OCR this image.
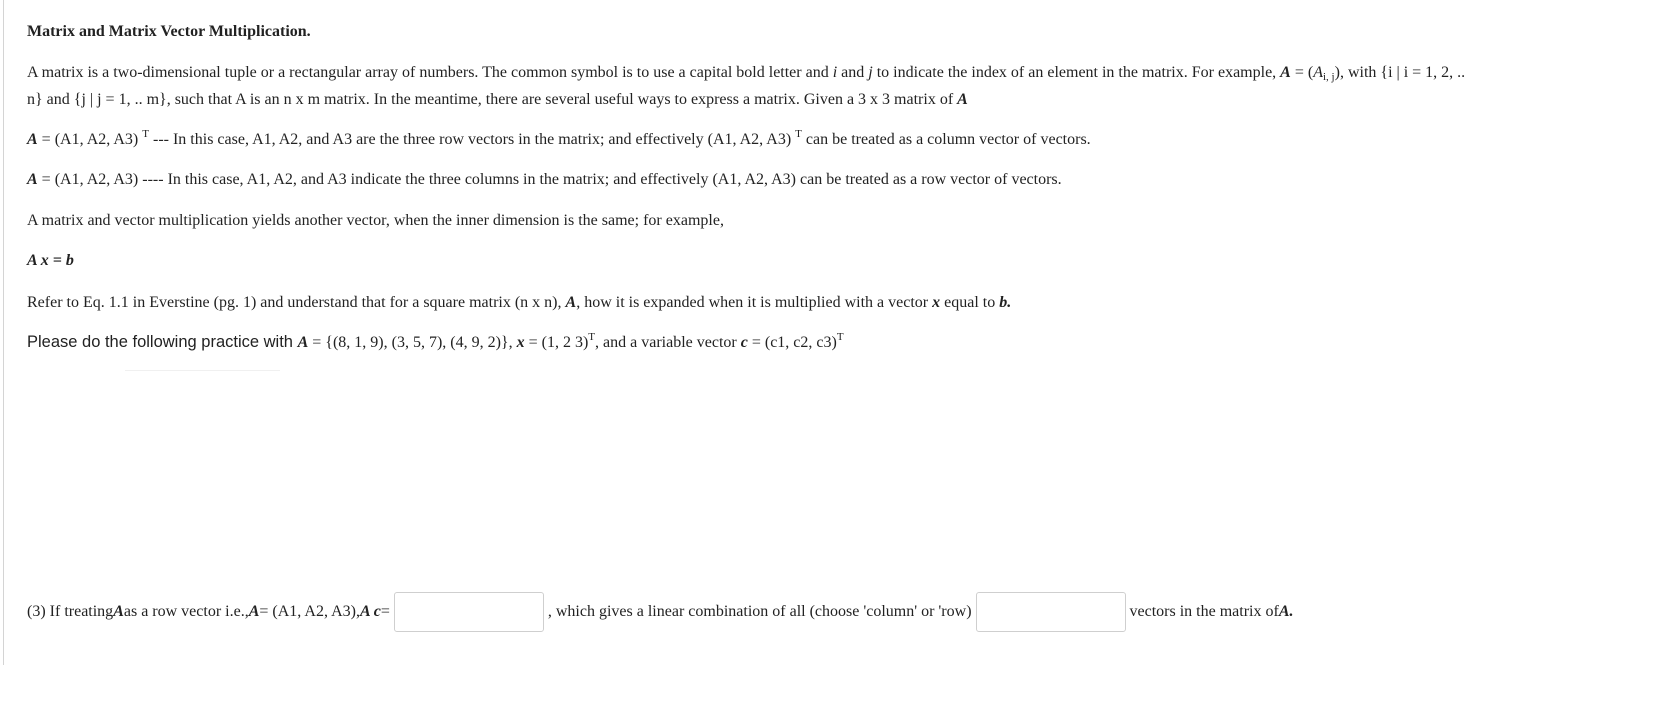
Matrix and Matrix Vector Multiplication.
A matrix is a two-dimensional tuple or a rectangular array of numbers. The common symbol is to use a capital bold letter and i and j to indicate the index of an element in the matrix. For example, $A = (A_{i, j})$, with {i | i = 1, 2, ..
n} and {j | j = 1, .. m}, such that A is an n x m matrix. In the meantime, there are several useful ways to express a matrix. Given a 3 x 3 matrix of A
A = (A1, A2, A3) $^T$ --- In this case, A1, A2, and A3 are the three row vectors in the matrix; and effectively (A1, A2, A3) $^T$ can be treated as a column vector of vectors.
A = (A1, A2, A3) ---- In this case, A1, A2, and A3 indicate the three columns in the matrix; and effectively (A1, A2, A3) can be treated as a row vector of vectors.
A matrix and vector multiplication yields another vector, when the inner dimension is the same; for example,
A x = b
Refer to Eq. 1.1 in Everstine (pg. 1) and understand that for a square matrix (n x n), A, how it is expanded when it is multiplied with a vector x equal to b.
Please do the following practice with A = {(8, 1, 9), (3, 5, 7), (4, 9, 2)}, x = (1, 2 3)$^T$, and a variable vector c = (c1, c2, c3)$^T$
(3) If treating A as a row vector i.e., A = (A1, A2, A3), A c =	, which gives a linear combination of all (choose 'column' or 'row)	vectors in the matrix of A.
